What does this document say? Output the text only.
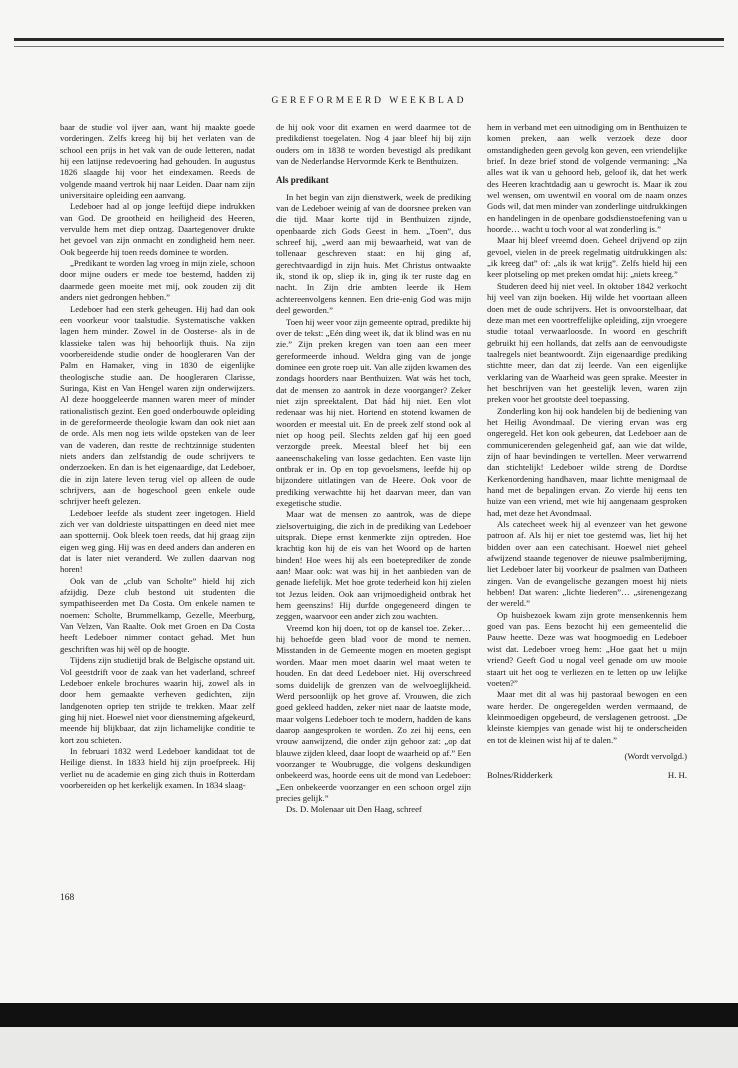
GEREFORMEERD WEEKBLAD

baar de studie vol ijver aan, want hij maakte goede vorderingen. Zelfs kreeg hij bij het verlaten van de school een prijs in het vak van de oude letteren, nadat hij een latijnse redevoering had gehouden. In augustus 1826 slaagde hij voor het eindexamen. Reeds de volgende maand vertrok hij naar Leiden. Daar nam zijn universitaire opleiding een aanvang.

Ledeboer had al op jonge leeftijd diepe indrukken van God. De grootheid en heiligheid des Heeren, vervulde hem met diep ontzag. Daartegenover drukte het gevoel van zijn onmacht en zondigheid hem neer. Ook begeerde hij toen reeds dominee te worden.

„Predikant te worden lag vroeg in mijn ziele, schoon door mijne ouders er mede toe bestemd, hadden zij daarmede geen moeite met mij, ook zouden zij dit anders niet gedrongen hebben.”

Ledeboer had een sterk geheugen. Hij had dan ook een voorkeur voor taalstudie. Systematische vakken lagen hem minder. Zowel in de Oosterse- als in de klassieke talen was hij behoorlijk thuis. Na zijn voorbereidende studie onder de hoogleraren Van der Palm en Hamaker, ving in 1830 de eigenlijke theologische studie aan. De hoogleraren Clarisse, Suringa, Kist en Van Hengel waren zijn onderwijzers. Al deze hooggeleerde mannen waren meer of minder rationalistisch gezint. Een goed onderbouwde opleiding in de gereformeerde theologie kwam dan ook niet aan de orde. Als men nog iets wilde opsteken van de leer van de vaderen, dan restte de rechtzinnige studenten niets anders dan zelfstandig de oude schrijvers te onderzoeken. En dan is het eigenaardige, dat Ledeboer, die in zijn latere leven terug viel op alleen de oude schrijvers, aan de hogeschool geen enkele oude schrijver heeft gelezen.

Ledeboer leefde als student zeer ingetogen. Hield zich ver van doldrieste uitspattingen en deed niet mee aan spotternij. Ook bleek toen reeds, dat hij graag zijn eigen weg ging. Hij was en deed anders dan anderen en dat is later niet veranderd. We zullen daarvan nog horen!

Ook van de „club van Scholte” hield hij zich afzijdig. Deze club bestond uit studenten die sympathiseerden met Da Costa. Om enkele namen te noemen: Scholte, Brummelkamp, Gezelle, Meerburg, Van Velzen, Van Raalte. Ook met Groen en Da Costa heeft Ledeboer nimmer contact gehad. Met hun geschriften was hij wèl op de hoogte.

Tijdens zijn studietijd brak de Belgische opstand uit. Vol geestdrift voor de zaak van het vaderland, schreef Ledeboer enkele brochures waarin hij, zowel als in door hem gemaakte verheven gedichten, zijn landgenoten opriep ten strijde te trekken. Maar zelf ging hij niet. Hoewel niet voor dienstneming afgekeurd, meende hij blijkbaar, dat zijn lichamelijke conditie te kort zou schieten.

In februari 1832 werd Ledeboer kandidaat tot de Heilige dienst. In 1833 hield hij zijn proefpreek. Hij verliet nu de academie en ging zich thuis in Rotterdam voorbereiden op het kerkelijk examen. In 1834 slaag-

de hij ook voor dit examen en werd daarmee tot de predikdienst toegelaten. Nog 4 jaar bleef hij bij zijn ouders om in 1838 te worden bevestigd als predikant van de Nederlandse Hervormde Kerk te Benthuizen.

Als predikant

In het begin van zijn dienstwerk, week de prediking van de Ledeboer weinig af van de doorsnee preken van die tijd. Maar korte tijd in Benthuizen zijnde, openbaarde zich Gods Geest in hem. „Toen”, dus schreef hij, „werd aan mij bewaarheid, wat van de tollenaar geschreven staat: en hij ging af, gerechtvaardigd in zijn huis. Met Christus ontwaakte ik, stond ik op, sliep ik in, ging ik ter ruste dag en nacht. In Zijn drie ambten leerde ik Hem achtereenvolgens kennen. Een drie-enig God was mijn deel geworden.”

Toen hij weer voor zijn gemeente optrad, predikte hij over de tekst: „Eén ding weet ik, dat ik blind was en nu zie.” Zijn preken kregen van toen aan een meer gereformeerde inhoud. Weldra ging van de jonge dominee een grote roep uit. Van alle zijden kwamen des zondags hoorders naar Benthuizen. Wat wás het toch, dat de mensen zo aantrok in deze voorganger? Zeker niet zijn spreektalent. Dat hád hij niet. Een vlot redenaar was hij niet. Hortend en stotend kwamen de woorden er meestal uit. En de preek zelf stond ook al niet op hoog peil. Slechts zelden gaf hij een goed verzorgde preek. Meestal bleef het bij een aaneenschakeling van losse gedachten. Een vaste lijn ontbrak er in. Op en top gevoelsmens, leefde hij op bijzondere uitlatingen van de Heere. Ook voor de prediking verwachtte hij het daarvan meer, dan van exegetische studie.

Maar wat de mensen zo aantrok, was de diepe zielsovertuiging, die zich in de prediking van Ledeboer uitsprak. Diepe ernst kenmerkte zijn optreden. Hoe krachtig kon hij de eis van het Woord op de harten binden! Hoe wees hij als een boeteprediker de zonde aan! Maar ook: wat was hij in het aanbieden van de genade liefelijk. Met hoe grote tederheid kon hij zielen tot Jezus leiden. Ook aan vrijmoedigheid ontbrak het hem geenszins! Hij durfde ongegeneerd dingen te zeggen, waarvoor een ander zich zou wachten.

Vreemd kon hij doen, tot op de kansel toe. Zeker… hij behoefde geen blad voor de mond te nemen. Misstanden in de Gemeente mogen en moeten gegispt worden. Maar men moet daarin wel maat weten te houden. En dat deed Ledeboer niet. Hij overschreed soms duidelijk de grenzen van de welvoeglijkheid. Werd persoonlijk op het grove af. Vrouwen, die zich goed gekleed hadden, zeker niet naar de laatste mode, maar volgens Ledeboer toch te modern, hadden de kans daarop aangesproken te worden. Zo zei hij eens, een vrouw aanwijzend, die onder zijn gehoor zat: „op dat blauwe zijden kleed, daar loopt de waarheid op af.” Een voorzanger te Woubrugge, die volgens deskundigen onbekeerd was, hoorde eens uit de mond van Ledeboer: „Een onbekeerde voorzanger en een schoon orgel zijn precies gelijk.”

Ds. D. Molenaar uit Den Haag, schreef

hem in verband met een uitnodiging om in Benthuizen te komen preken, aan welk verzoek deze door omstandigheden geen gevolg kon geven, een vriendelijke brief. In deze brief stond de volgende vermaning: „Na alles wat ik van u gehoord heb, geloof ik, dat het werk des Heeren krachtdadig aan u gewrocht is. Maar ik zou wel wensen, om uwentwil en vooral om de naam onzes Gods wil, dat men minder van zonderlinge uitdrukkingen en handelingen in de openbare godsdienstoefening van u hoorde… wacht u toch voor al wat zonderling is.”

Maar hij bleef vreemd doen. Geheel drijvend op zijn gevoel, vielen in de preek regelmatig uitdrukkingen als: „ik kreeg dat” of: „als ik wat krijg”. Zelfs hield hij een keer plotseling op met preken omdat hij: „niets kreeg.”

Studeren deed hij niet veel. In oktober 1842 verkocht hij veel van zijn boeken. Hij wilde het voortaan alleen doen met de oude schrijvers. Het is onvoorstelbaar, dat deze man met een voortreffelijke opleiding, zijn vroegere studie totaal verwaarloosde. In woord en geschrift gebruikt hij een hollands, dat zelfs aan de eenvoudigste taalregels niet beantwoordt. Zijn eigenaardige prediking stichtte meer, dan dat zij leerde. Van een eigenlijke verklaring van de Waarheid was geen sprake. Meester in het beschrijven van het geestelijk leven, waren zijn preken voor het grootste deel toepassing.

Zonderling kon hij ook handelen bij de bediening van het Heilig Avondmaal. De viering ervan was erg ongeregeld. Het kon ook gebeuren, dat Ledeboer aan de communicerenden gelegenheid gaf, aan wie dat wilde, zijn of haar bevindingen te vertellen. Meer verwarrend dan stichtelijk! Ledeboer wilde streng de Dordtse Kerkenordening handhaven, maar lichtte menigmaal de hand met de bepalingen ervan. Zo vierde hij eens ten huize van een vriend, met wie hij aangenaam gesproken had, met deze het Avondmaal.

Als catecheet week hij al evenzeer van het gewone patroon af. Als hij er niet toe gestemd was, liet hij het bidden over aan een catechisant. Hoewel niet geheel afwijzend staande tegenover de nieuwe psalmberijming, liet Ledeboer later bij voorkeur de psalmen van Datheen zingen. Van de evangelische gezangen moest hij niets hebben! Dat waren: „lichte liederen”… „sirenengezang der wereld.”

Op huisbezoek kwam zijn grote mensenkennis hem goed van pas. Eens bezocht hij een gemeentelid die Pauw heette. Deze was wat hoogmoedig en Ledeboer wist dat. Ledeboer vroeg hem: „Hoe gaat het u mijn vriend? Geeft God u nogal veel genade om uw mooie staart uit het oog te verliezen en te letten op uw lelijke voeten?”

Maar met dit al was hij pastoraal bewogen en een ware herder. De ongeregelden werden vermaand, de kleinmoedigen opgebeurd, de verslagenen getroost. „De kleinste kiempjes van genade wist hij te onderscheiden en tot de kleinen wist hij af te dalen.”

(Wordt vervolgd.)
Bolnes/Ridderkerk	H. H.
168
